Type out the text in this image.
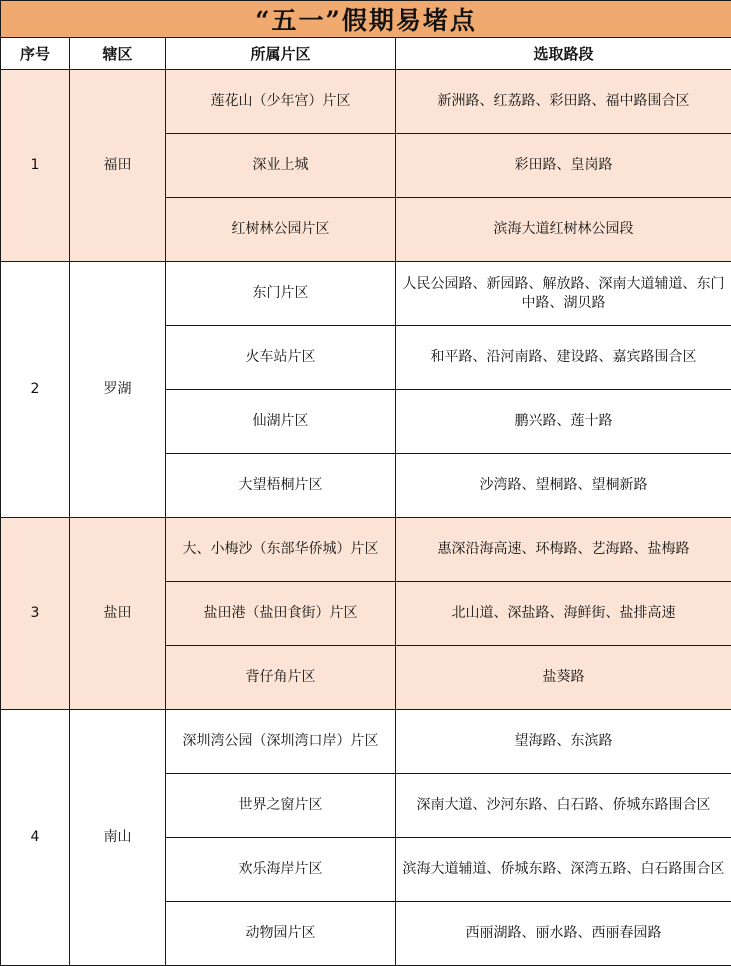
“五一”假期易堵点			
序号	辖区	所属片区	选取路段
1	福田	莲花山（少年宫）片区	新洲路、红荔路、彩田路、福中路围合区
		深业上城	彩田路、皇岗路
		红树林公园片区	滨海大道红树林公园段
2	罗湖	东门片区	人民公园路、新园路、解放路、深南大道辅道、东门中路、湖贝路
		火车站片区	和平路、沿河南路、建设路、嘉宾路围合区
		仙湖片区	鹏兴路、莲十路
		大望梧桐片区	沙湾路、望桐路、望桐新路
3	盐田	大、小梅沙（东部华侨城）片区	惠深沿海高速、环梅路、艺海路、盐梅路
		盐田港（盐田食街）片区	北山道、深盐路、海鲜街、盐排高速
		背仔角片区	盐葵路
4	南山	深圳湾公园（深圳湾口岸）片区	望海路、东滨路
		世界之窗片区	深南大道、沙河东路、白石路、侨城东路围合区
		欢乐海岸片区	滨海大道辅道、侨城东路、深湾五路、白石路围合区
		动物园片区	西丽湖路、丽水路、西丽春园路
